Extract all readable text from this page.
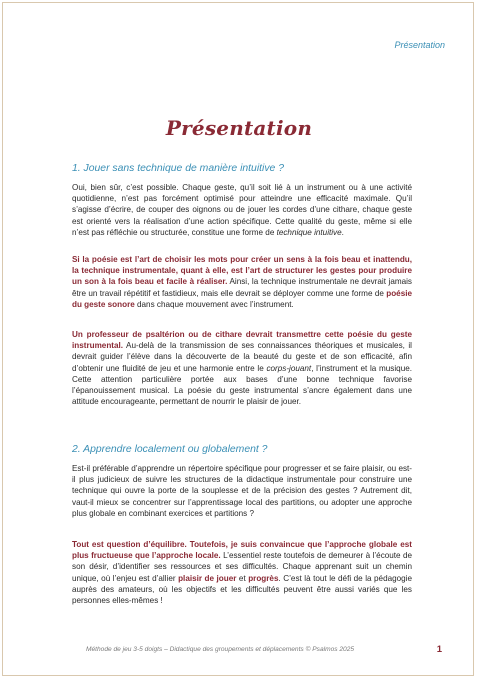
Présentation
Présentation
1. Jouer sans technique de manière intuitive ?

Oui, bien sûr, c’est possible. Chaque geste, qu’il soit lié à un instrument ou à une activité quotidienne, n’est pas forcément optimisé pour atteindre une efficacité maximale. Qu’il s’agisse d’écrire, de couper des oignons ou de jouer les cordes d’une cithare, chaque geste est orienté vers la réalisation d’une action spécifique. Cette qualité du geste, même si elle n’est pas réfléchie ou structurée, constitue une forme de technique intuitive.

Si la poésie est l’art de choisir les mots pour créer un sens à la fois beau et inattendu, la technique instrumentale, quant à elle, est l’art de structurer les gestes pour produire un son à la fois beau et facile à réaliser. Ainsi, la technique instrumentale ne devrait jamais être un travail répétitif et fastidieux, mais elle devrait se déployer comme une forme de poésie du geste sonore dans chaque mouvement avec l’instrument.

Un professeur de psaltérion ou de cithare devrait transmettre cette poésie du geste instrumental. Au-delà de la transmission de ses connaissances théoriques et musicales, il devrait guider l’élève dans la découverte de la beauté du geste et de son efficacité, afin d’obtenir une fluidité de jeu et une harmonie entre le corps-jouant, l’instrument et la musique. Cette attention particulière portée aux bases d’une bonne technique favorise l’épanouissement musical. La poésie du geste instrumental s’ancre également dans une attitude encourageante, permettant de nourrir le plaisir de jouer.

2. Apprendre localement ou globalement ?

Est-il préférable d’apprendre un répertoire spécifique pour progresser et se faire plaisir, ou est-il plus judicieux de suivre les structures de la didactique instrumentale pour construire une technique qui ouvre la porte de la souplesse et de la précision des gestes ? Autrement dit, vaut-il mieux se concentrer sur l’apprentissage local des partitions, ou adopter une approche plus globale en combinant exercices et partitions ?

Tout est question d’équilibre. Toutefois, je suis convaincue que l’approche globale est plus fructueuse que l’approche locale. L’essentiel reste toutefois de demeurer à l’écoute de son désir, d’identifier ses ressources et ses difficultés. Chaque apprenant suit un chemin unique, où l’enjeu est d’allier plaisir de jouer et progrès. C’est là tout le défi de la pédagogie auprès des amateurs, où les objectifs et les difficultés peuvent être aussi variés que les personnes elles-mêmes !

Méthode de jeu 3-5 doigts – Didactique des groupements et déplacements © Psalmos 2025	1
